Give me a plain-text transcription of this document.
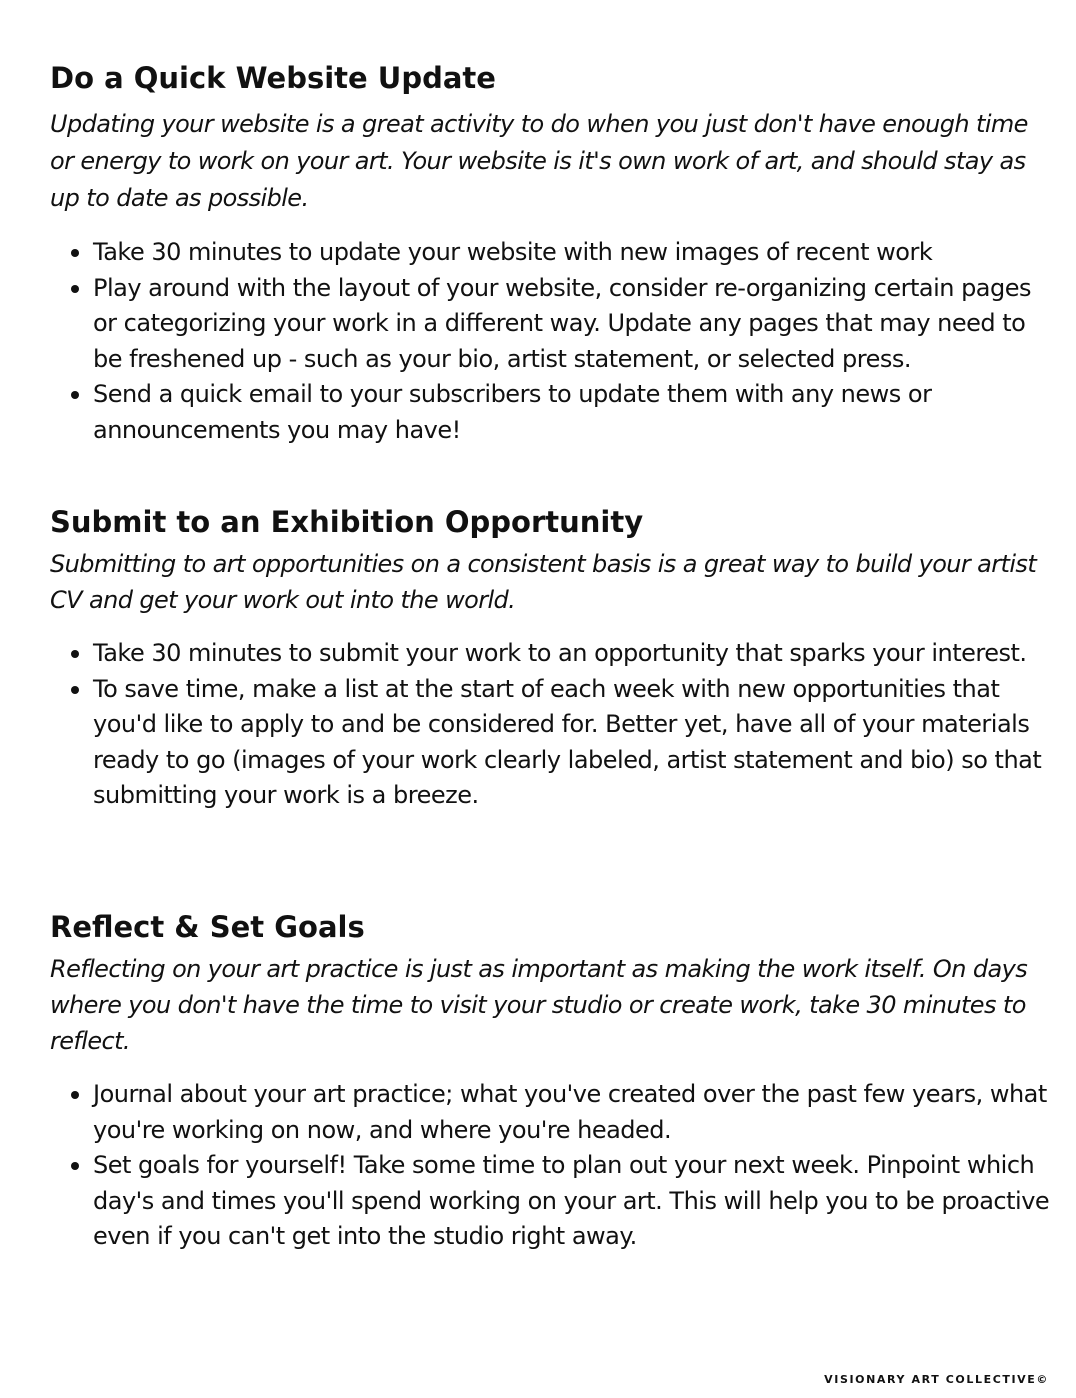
Do a Quick Website Update

Updating your website is a great activity to do when you just don't have enough time or energy to work on your art. Your website is it's own work of art, and should stay as up to date as possible.

Take 30 minutes to update your website with new images of recent work
Play around with the layout of your website, consider re-organizing certain pages or categorizing your work in a different way. Update any pages that may need to be freshened up - such as your bio, artist statement, or selected press.
Send a quick email to your subscribers to update them with any news or announcements you may have!
Submit to an Exhibition Opportunity

Submitting to art opportunities on a consistent basis is a great way to build your artist CV and get your work out into the world.

Take 30 minutes to submit your work to an opportunity that sparks your interest.
To save time, make a list at the start of each week with new opportunities that you'd like to apply to and be considered for. Better yet, have all of your materials ready to go (images of your work clearly labeled, artist statement and bio) so that submitting your work is a breeze.
Reflect & Set Goals

Reflecting on your art practice is just as important as making the work itself. On days where you don't have the time to visit your studio or create work, take 30 minutes to reflect.

Journal about your art practice; what you've created over the past few years, what you're working on now, and where you're headed.
Set goals for yourself! Take some time to plan out your next week. Pinpoint which day's and times you'll spend working on your art. This will help you to be proactive even if you can't get into the studio right away.
VISIONARY ART COLLECTIVE©
